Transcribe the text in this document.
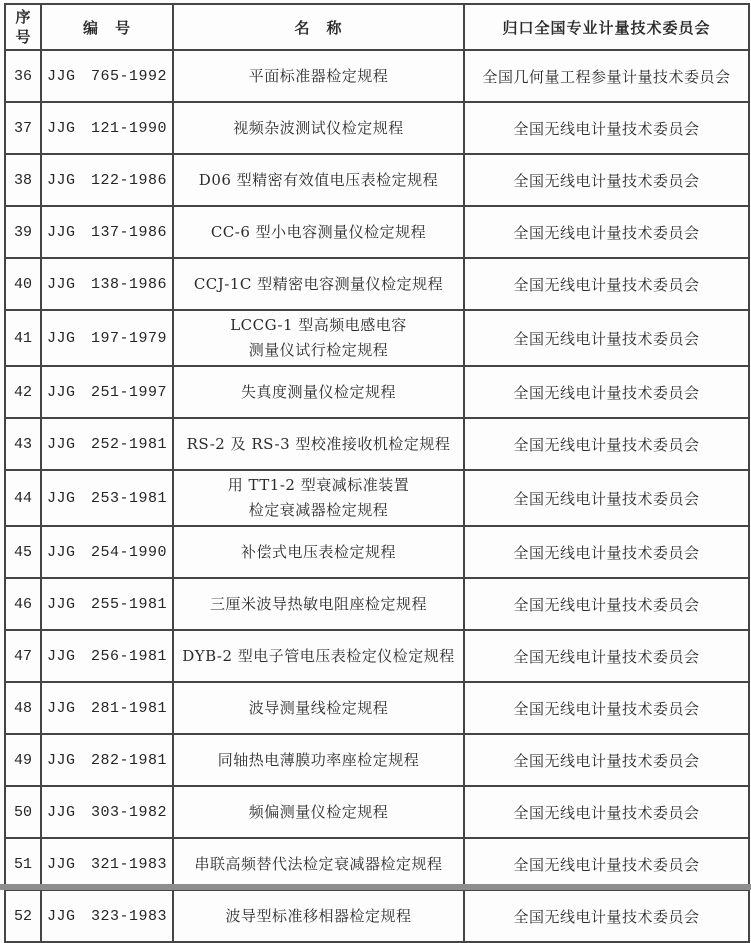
序
号	编　号	名　称	归口全国专业计量技术委员会
36	JJG 765-1992	平面标准器检定规程	全国几何量工程参量计量技术委员会
37	JJG 121-1990	视频杂波测试仪检定规程	全国无线电计量技术委员会
38	JJG 122-1986	D06 型精密有效值电压表检定规程	全国无线电计量技术委员会
39	JJG 137-1986	CC-6 型小电容测量仪检定规程	全国无线电计量技术委员会
40	JJG 138-1986	CCJ-1C 型精密电容测量仪检定规程	全国无线电计量技术委员会
41	JJG 197-1979	LCCG-1 型高频电感电容
测量仪试行检定规程	全国无线电计量技术委员会
42	JJG 251-1997	失真度测量仪检定规程	全国无线电计量技术委员会
43	JJG 252-1981	RS-2 及 RS-3 型校准接收机检定规程	全国无线电计量技术委员会
44	JJG 253-1981	用 TT1-2 型衰减标准装置
检定衰减器检定规程	全国无线电计量技术委员会
45	JJG 254-1990	补偿式电压表检定规程	全国无线电计量技术委员会
46	JJG 255-1981	三厘米波导热敏电阻座检定规程	全国无线电计量技术委员会
47	JJG 256-1981	DYB-2 型电子管电压表检定仪检定规程	全国无线电计量技术委员会
48	JJG 281-1981	波导测量线检定规程	全国无线电计量技术委员会
49	JJG 282-1981	同轴热电薄膜功率座检定规程	全国无线电计量技术委员会
50	JJG 303-1982	频偏测量仪检定规程	全国无线电计量技术委员会
51	JJG 321-1983	串联高频替代法检定衰减器检定规程	全国无线电计量技术委员会
52	JJG 323-1983	波导型标准移相器检定规程	全国无线电计量技术委员会
